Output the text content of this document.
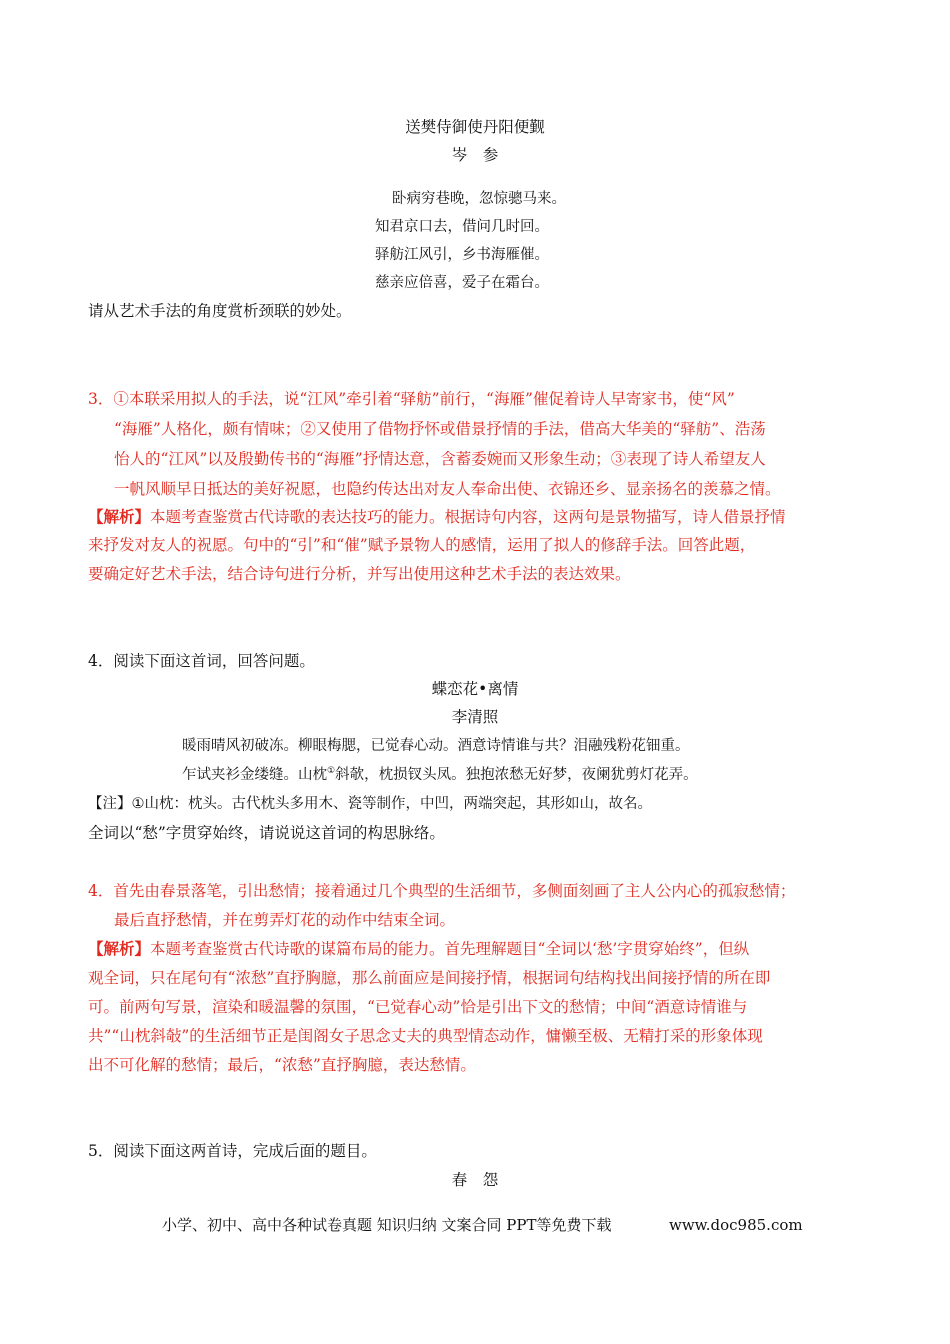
送樊侍御使丹阳便觐
岑　参
卧病穷巷晚，忽惊骢马来。
知君京口去，借问几时回。
驿舫江风引，乡书海雁催。
慈亲应倍喜，爱子在霜台。
请从艺术手法的角度赏析颈联的妙处。
3．①本联采用拟人的手法，说“江风”牵引着“驿舫”前行，“海雁”催促着诗人早寄家书，使“风”
“海雁”人格化，颇有情味；②又使用了借物抒怀或借景抒情的手法，借高大华美的“驿舫”、浩荡
怡人的“江风”以及殷勤传书的“海雁”抒情达意，含蓄委婉而又形象生动；③表现了诗人希望友人
一帆风顺早日抵达的美好祝愿，也隐约传达出对友人奉命出使、衣锦还乡、显亲扬名的羡慕之情。
【解析】本题考查鉴赏古代诗歌的表达技巧的能力。根据诗句内容，这两句是景物描写，诗人借景抒情
来抒发对友人的祝愿。句中的“引”和“催”赋予景物人的感情，运用了拟人的修辞手法。回答此题，
要确定好艺术手法，结合诗句进行分析，并写出使用这种艺术手法的表达效果。
4．阅读下面这首词，回答问题。
蝶恋花•离情
李清照
暖雨晴风初破冻。柳眼梅腮，已觉春心动。酒意诗情谁与共？泪融残粉花钿重。
乍试夹衫金缕缝。山枕①斜欹，枕损钗头凤。独抱浓愁无好梦，夜阑犹剪灯花弄。
【注】①山枕：枕头。古代枕头多用木、瓷等制作，中凹，两端突起，其形如山，故名。
全词以“愁”字贯穿始终，请说说这首词的构思脉络。
4．首先由春景落笔，引出愁情；接着通过几个典型的生活细节，多侧面刻画了主人公内心的孤寂愁情；
最后直抒愁情，并在剪弄灯花的动作中结束全词。
【解析】本题考查鉴赏古代诗歌的谋篇布局的能力。首先理解题目“全词以‘愁’字贯穿始终”，但纵
观全词，只在尾句有“浓愁”直抒胸臆，那么前面应是间接抒情，根据词句结构找出间接抒情的所在即
可。前两句写景，渲染和暖温馨的氛围，“已觉春心动”恰是引出下文的愁情；中间“酒意诗情谁与
共”“山枕斜敧”的生活细节正是闺阁女子思念丈夫的典型情态动作，慵懒至极、无精打采的形象体现
出不可化解的愁情；最后，“浓愁”直抒胸臆，表达愁情。
5．阅读下面这两首诗，完成后面的题目。
春　怨
小学、初中、高中各种试卷真题 知识归纳 文案合同 PPT等免费下载	www.doc985.com
